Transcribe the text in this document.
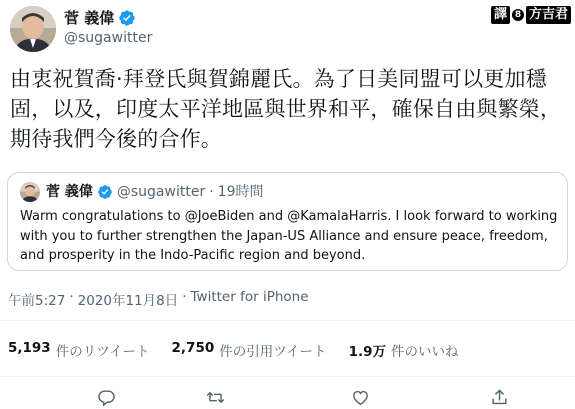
菅 義偉
@sugawitter
譯 8 方吉君
由衷祝賀喬·拜登氏與賀錦麗氏。為了日美同盟可以更加穩固，以及，印度太平洋地區與世界和平，確保自由與繁榮，期待我們今後的合作。
菅 義偉 @sugawitter · 19時間
Warm congratulations to @JoeBiden and @KamalaHarris. I look forward to working with you to further strengthen the Japan-US Alliance and ensure peace, freedom, and prosperity in the Indo-Pacific region and beyond.
午前5:27 · 2020年11月8日 · Twitter for iPhone
5,193 件のリツイート 2,750 件の引用ツイート 1.9万 件のいいね
